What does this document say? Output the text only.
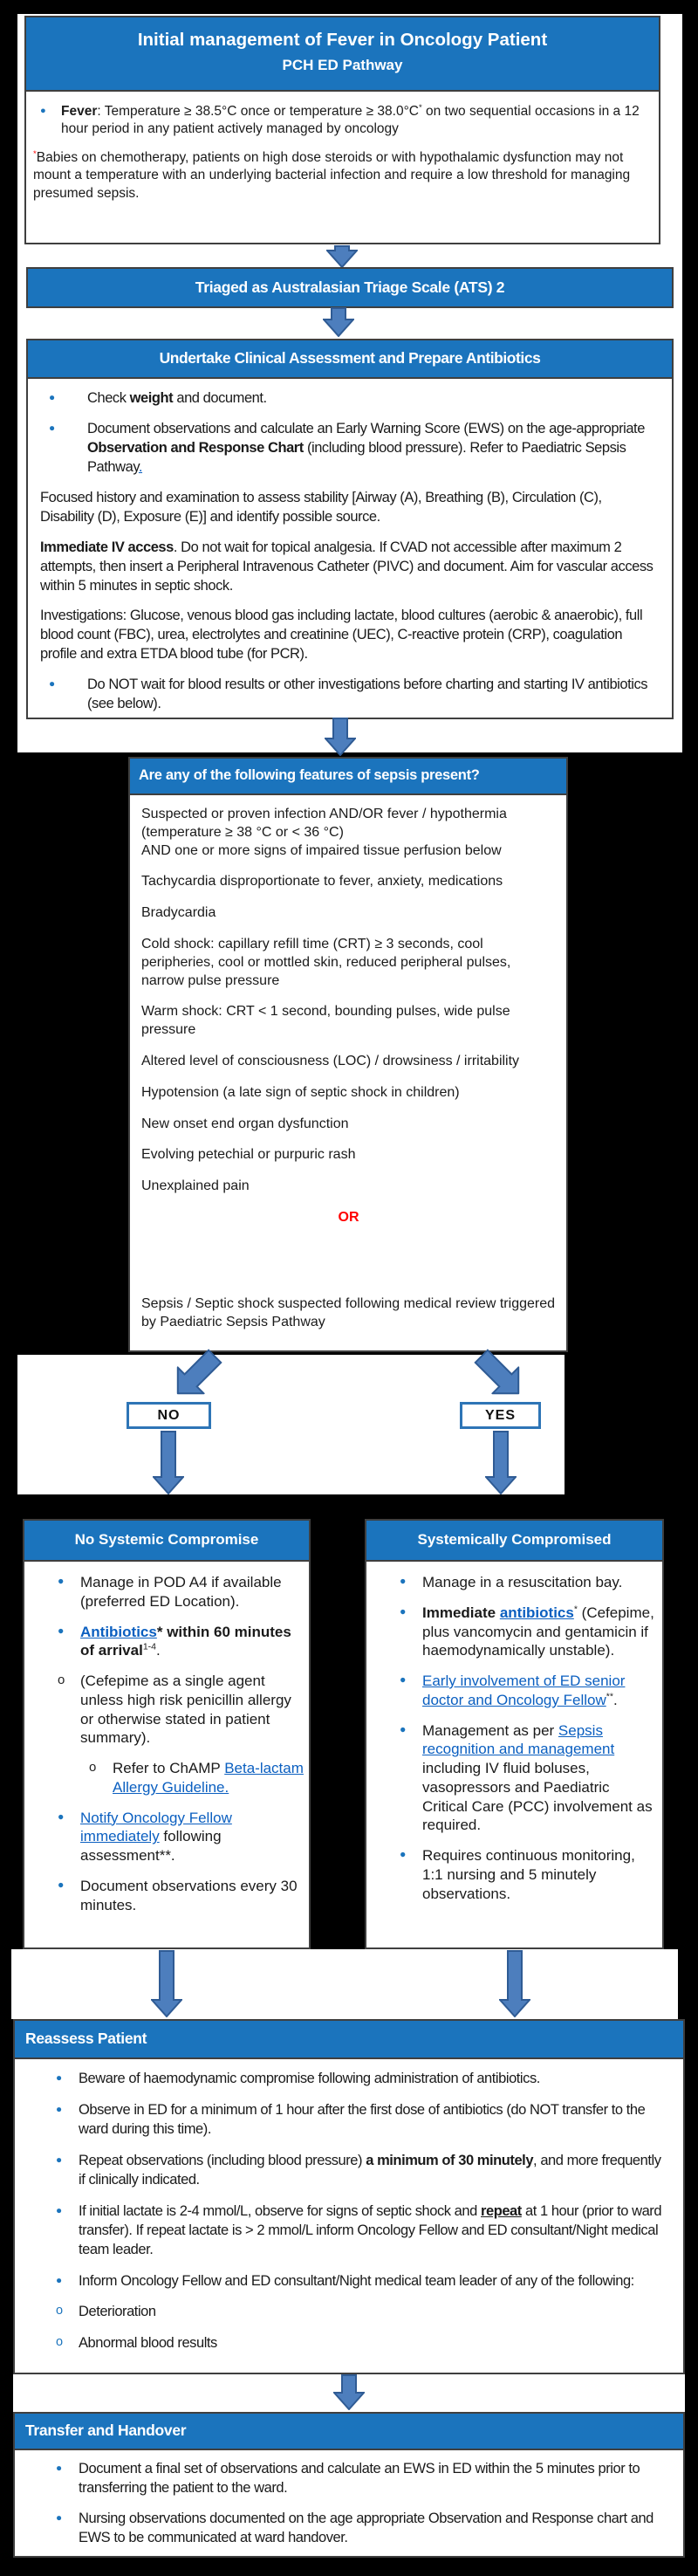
Initial management of Fever in Oncology Patient
PCH ED Pathway
● Fever: Temperature ≥ 38.5°C once or temperature ≥ 38.0°C* on two sequential occasions in a 12 hour period in any patient actively managed by oncology
*Babies on chemotherapy, patients on high dose steroids or with hypothalamic dysfunction may not mount a temperature with an underlying bacterial infection and require a low threshold for managing presumed sepsis.
Triaged as Australasian Triage Scale (ATS) 2
Undertake Clinical Assessment and Prepare Antibiotics
● Check weight and document.
● Document observations and calculate an Early Warning Score (EWS) on the age-appropriate Observation and Response Chart (including blood pressure). Refer to Paediatric Sepsis Pathway.
Focused history and examination to assess stability [Airway (A), Breathing (B), Circulation (C), Disability (D), Exposure (E)] and identify possible source.
Immediate IV access. Do not wait for topical analgesia. If CVAD not accessible after maximum 2 attempts, then insert a Peripheral Intravenous Catheter (PIVC) and document. Aim for vascular access within 5 minutes in septic shock.
Investigations: Glucose, venous blood gas including lactate, blood cultures (aerobic & anaerobic), full blood count (FBC), urea, electrolytes and creatinine (UEC), C-reactive protein (CRP), coagulation profile and extra ETDA blood tube (for PCR).
● Do NOT wait for blood results or other investigations before charting and starting IV antibiotics (see below).
Are any of the following features of sepsis present?
Suspected or proven infection AND/OR fever / hypothermia (temperature ≥ 38 °C or < 36 °C)
AND one or more signs of impaired tissue perfusion below
Tachycardia disproportionate to fever, anxiety, medications
Bradycardia
Cold shock: capillary refill time (CRT) ≥ 3 seconds, cool peripheries, cool or mottled skin, reduced peripheral pulses, narrow pulse pressure
Warm shock: CRT < 1 second, bounding pulses, wide pulse pressure
Altered level of consciousness (LOC) / drowsiness / irritability
Hypotension (a late sign of septic shock in children)
New onset end organ dysfunction
Evolving petechial or purpuric rash
Unexplained pain
OR
Sepsis / Septic shock suspected following medical review triggered by Paediatric Sepsis Pathway
NO	YES
No Systemic Compromise
● Manage in POD A4 if available (preferred ED Location).
● Antibiotics* within 60 minutes of arrival$^{1-4}$.
o (Cefepime as a single agent unless high risk penicillin allergy or otherwise stated in patient summary).
o Refer to ChAMP Beta-lactam Allergy Guideline.
● Notify Oncology Fellow immediately following assessment**.
● Document observations every 30 minutes.
Systemically Compromised
● Manage in a resuscitation bay.
● Immediate antibiotics* (Cefepime, plus vancomycin and gentamicin if haemodynamically unstable).
● Early involvement of ED senior doctor and Oncology Fellow**.
● Management as per Sepsis recognition and management including IV fluid boluses, vasopressors and Paediatric Critical Care (PCC) involvement as required.
● Requires continuous monitoring, 1:1 nursing and 5 minutely observations.
Reassess Patient
● Beware of haemodynamic compromise following administration of antibiotics.
● Observe in ED for a minimum of 1 hour after the first dose of antibiotics (do NOT transfer to the ward during this time).
● Repeat observations (including blood pressure) a minimum of 30 minutely, and more frequently if clinically indicated.
● If initial lactate is 2-4 mmol/L, observe for signs of septic shock and repeat at 1 hour (prior to ward transfer). If repeat lactate is > 2 mmol/L inform Oncology Fellow and ED consultant/Night medical team leader.
● Inform Oncology Fellow and ED consultant/Night medical team leader of any of the following:
o Deterioration
o Abnormal blood results
Transfer and Handover
● Document a final set of observations and calculate an EWS in ED within the 5 minutes prior to transferring the patient to the ward.
● Nursing observations documented on the age appropriate Observation and Response chart and EWS to be communicated at ward handover.
